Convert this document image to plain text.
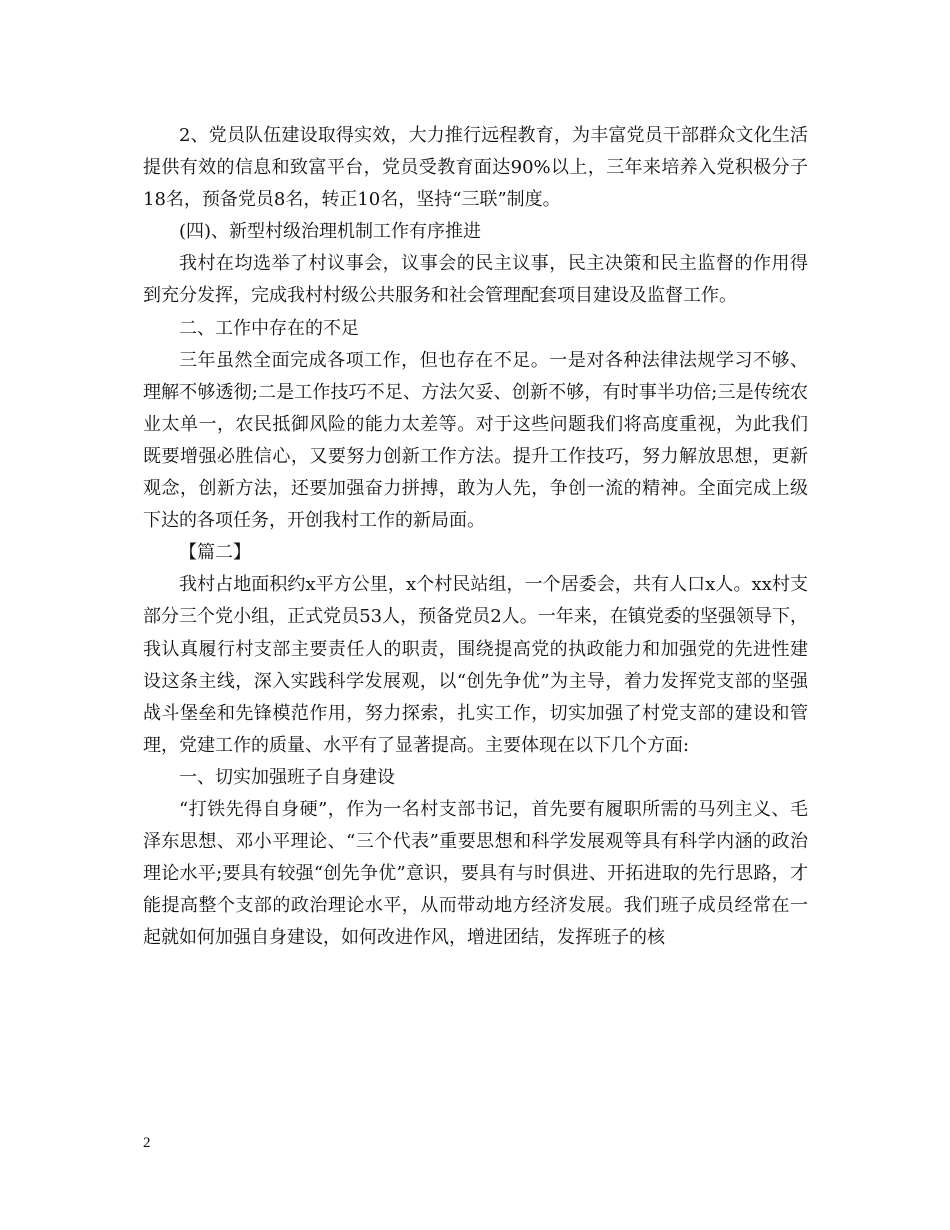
2、党员队伍建设取得实效，大力推行远程教育，为丰富党员干部群众文化生活提供有效的信息和致富平台，党员受教育面达90%以上，三年来培养入党积极分子18名，预备党员8名，转正10名，坚持“三联”制度。

(四)、新型村级治理机制工作有序推进

我村在均选举了村议事会，议事会的民主议事，民主决策和民主监督的作用得到充分发挥，完成我村村级公共服务和社会管理配套项目建设及监督工作。

二、工作中存在的不足

三年虽然全面完成各项工作，但也存在不足。一是对各种法律法规学习不够、理解不够透彻;二是工作技巧不足、方法欠妥、创新不够，有时事半功倍;三是传统农业太单一，农民抵御风险的能力太差等。对于这些问题我们将高度重视，为此我们既要增强必胜信心，又要努力创新工作方法。提升工作技巧，努力解放思想，更新观念，创新方法，还要加强奋力拼搏，敢为人先，争创一流的精神。全面完成上级下达的各项任务，开创我村工作的新局面。

【篇二】

我村占地面积约x平方公里，x个村民站组，一个居委会，共有人口x人。xx村支部分三个党小组，正式党员53人，预备党员2人。一年来，在镇党委的坚强领导下，我认真履行村支部主要责任人的职责，围绕提高党的执政能力和加强党的先进性建设这条主线，深入实践科学发展观，以“创先争优”为主导，着力发挥党支部的坚强战斗堡垒和先锋模范作用，努力探索，扎实工作，切实加强了村党支部的建设和管理，党建工作的质量、水平有了显著提高。主要体现在以下几个方面:

一、切实加强班子自身建设

“打铁先得自身硬”，作为一名村支部书记，首先要有履职所需的马列主义、毛泽东思想、邓小平理论、“三个代表”重要思想和科学发展观等具有科学内涵的政治理论水平;要具有较强“创先争优”意识，要具有与时俱进、开拓进取的先行思路，才能提高整个支部的政治理论水平，从而带动地方经济发展。我们班子成员经常在一起就如何加强自身建设，如何改进作风，增进团结，发挥班子的核

2
